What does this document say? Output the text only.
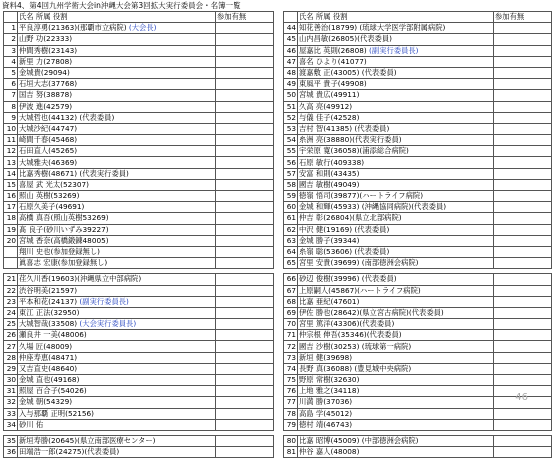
資料4、第4回九州学術大会in沖縄大会第3回拡大実行委員会・名簿一覧
	氏名 所属 役割	参加有無
1	平良淳勇(21363)(那覇市立病院) (大会長)	
2	山野 功(22333)	
3	仲間秀樹(23143)	
4	新里 力(27808)	
5	金城貴(29094)	
6	石垣大志(37768)	
7	国吉 努(38878)	
8	伊波 進(42579)	
9	大城哲也(44132) (代表委員)	
10	大城沙紀(44747)	
11	崎間千春(45468)	
12	石田直人(45265)	
13	大城雅夫(46369)	
14	比嘉秀樹(48671) (代表実行委員)	
15	喜屋 武 光太(52307)	
16	照山 英樹(53269)	
17	石原久美子(49691)	
18	高橋 真吾(照山英樹53269)	
19	髙 良子(砂川いずみ39227)	
20	宮城 香奈(高橋鍛錬48005)	
	翔川 史也(参加登録無し)	
	眞喜志 宏康(参加登録無し)	

21	荏久川香(19603)(沖縄県立中部病院)	
22	渋谷明美(21597)	
23	平本和花(24137) (副実行委員長)	
24	東江 正法(32950)	
25	大城智哉(33508) (大会実行委員長)	
26	瀬良井 一美(48006)	
27	久場 匠(48009)	
28	仲座寿恵(48471)	
29	又吉直史(48640)	
30	金城 直也(49168)	
31	照屋 百合子(54026)	
32	金城 朝(54329)	
33	入与那覇 正明(52156)	
34	砂川 佑	

35	新垣寿勝(20645)(県立南部医療センター)	
36	田端浩一郎(24275)(代表委員)	
	氏名 所属 役割	参加有無
44	知花善治(18799) (琉球大学医学部附属病院)	
45	山内昌敏(26805)(代表委員)	
46	屋嘉比 英則(26808) (副実行委員長)	
47	喜名 ひより(41077)	
48	渡嘉敷 正(43005) (代表委員)	
49	東風平 貴子(49908)	
50	宮城 貴広(49911)	
51	久高 亮(49912)	
52	与儀 佳子(42528)	
53	吉村 智(41385) (代表委員)	
54	糸洲 亮(38880)(代表実行委員)	
55	宇栄原 寛(36058)(浦添総合病院)	
56	石原 敏行(409338)	
57	安富 和則(43435)	
58	國吉 敏樹(49049)	
59	徳嶺 悟司(39877)(ハートライフ病院)	
60	金城 和輝(45933) (沖縄協同病院)(代表委員)	
61	仲吉 彰(26804)(県立北部病院)	
62	中沢 健(19169) (代表委員)	
63	金城 勝子(39344)	
64	糸嶺 聡(53606) (代表委員)	
65	宮里 安貴(39699) (南部徳洲会病院)	

66	砂辺 俊樹(39996) (代表委員)	
67	上原嗣人(45867)(ハートライフ病院)	
68	比嘉 亜紀(47601)	
69	伊佐 勝也(28642)(県立宮古病院)(代表委員)	
70	宮里 篤洋(43306)(代表委員)	
71	仲宗根 伸吾(35346)(代表委員)	
72	國吉 沙樹(30253) (琉球第一病院)	
73	新垣 健(39698)	
74	長野 真(36088) (豊見城中央病院)	
75	野原 常樹(32630)	
76	上地 雅之(34118)	
77	川満 勝(37036)	
78	高島 学(45012)	
79	徳村 靖(46743)	

80	比嘉 昭博(45009) (中部徳洲会病院)	
81	仲谷 嘉人(48008)	
46
